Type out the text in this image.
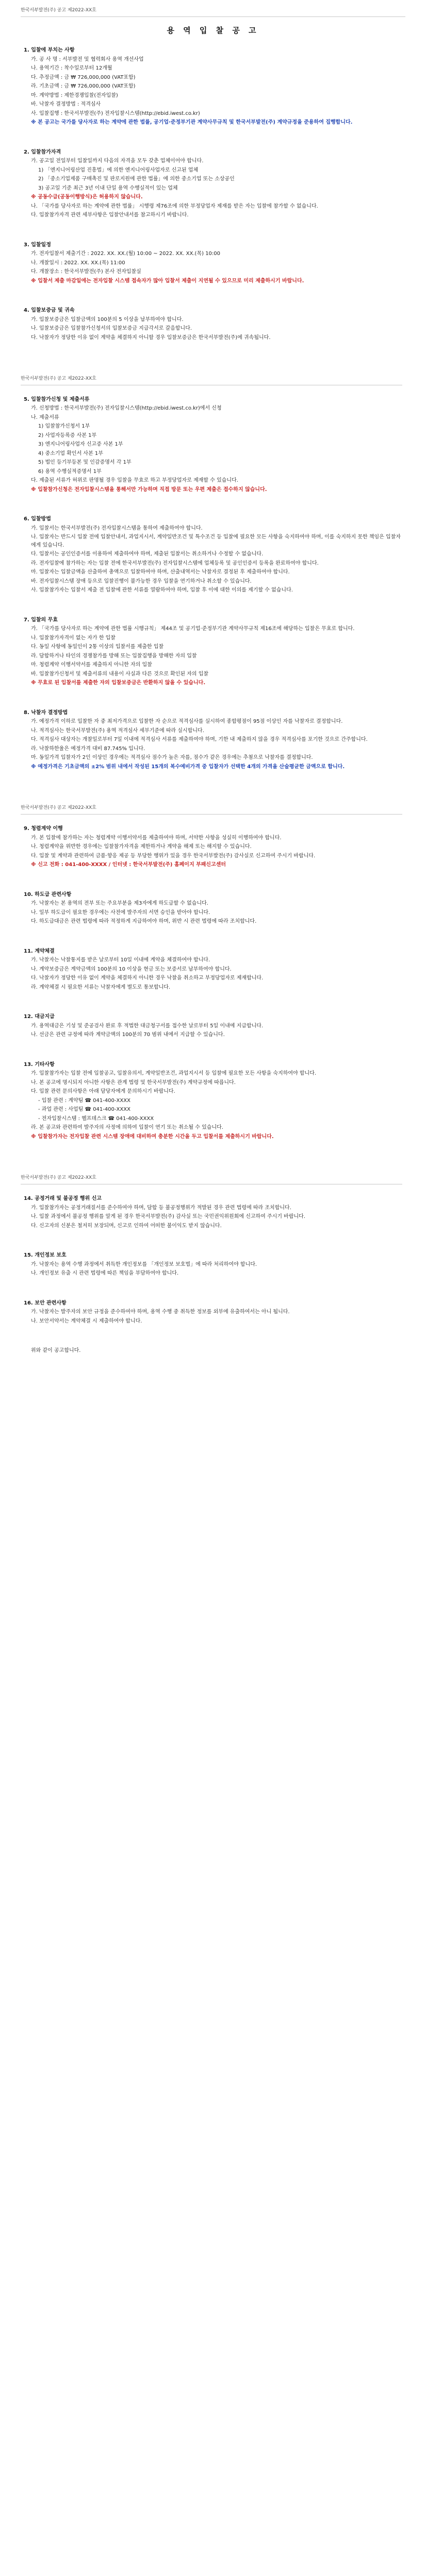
한국서부발전(주) 공고 제2022-XX호
용 역 입 찰 공 고

1. 입찰에 부치는 사항

가. 공 사 명 : 서부발전 및 협력회사 용역 개선사업

나. 용역기간 : 착수일로부터 12개월

다. 추정금액 : 금 ₩ 726,000,000 (VAT포함)

라. 기초금액 : 금 ₩ 726,000,000 (VAT포함)

마. 계약방법 : 제한경쟁입찰(전자입찰)

바. 낙찰자 결정방법 : 적격심사

사. 입찰집행 : 한국서부발전(주) 전자입찰시스템(http://ebid.iwest.co.kr)

※ 본 공고는 국가를 당사자로 하는 계약에 관한 법률, 공기업·준정부기관 계약사무규칙 및 한국서부발전(주) 계약규정을 준용하여 집행합니다.

2. 입찰참가자격

가. 공고일 전일부터 입찰일까지 다음의 자격을 모두 갖춘 업체이어야 합니다.

1) 「엔지니어링산업 진흥법」에 의한 엔지니어링사업자로 신고된 업체

2) 「중소기업제품 구매촉진 및 판로지원에 관한 법률」에 의한 중소기업 또는 소상공인

3) 공고일 기준 최근 3년 이내 단일 용역 수행실적이 있는 업체

※ 공동수급(공동이행방식)은 허용하지 않습니다.

나. 「국가를 당사자로 하는 계약에 관한 법률」 시행령 제76조에 의한 부정당업자 제재를 받은 자는 입찰에 참가할 수 없습니다.

다. 입찰참가자격 관련 세부사항은 입찰안내서를 참고하시기 바랍니다.

3. 입찰일정

가. 전자입찰서 제출기간 : 2022. XX. XX.(월) 10:00 ~ 2022. XX. XX.(목) 10:00

나. 개찰일시 : 2022. XX. XX.(목) 11:00

다. 개찰장소 : 한국서부발전(주) 본사 전자입찰실

※ 입찰서 제출 마감일에는 전자입찰 시스템 접속자가 많아 입찰서 제출이 지연될 수 있으므로 미리 제출하시기 바랍니다.

4. 입찰보증금 및 귀속

가. 입찰보증금은 입찰금액의 100분의 5 이상을 납부하여야 합니다.

나. 입찰보증금은 입찰참가신청서의 입찰보증금 지급각서로 갈음합니다.

다. 낙찰자가 정당한 이유 없이 계약을 체결하지 아니할 경우 입찰보증금은 한국서부발전(주)에 귀속됩니다.

한국서부발전(주) 공고 제2022-XX호

5. 입찰참가신청 및 제출서류

가. 신청방법 : 한국서부발전(주) 전자입찰시스템(http://ebid.iwest.co.kr)에서 신청

나. 제출서류

1) 입찰참가신청서 1부

2) 사업자등록증 사본 1부

3) 엔지니어링사업자 신고증 사본 1부

4) 중소기업 확인서 사본 1부

5) 법인 등기부등본 및 인감증명서 각 1부

6) 용역 수행실적증명서 1부

다. 제출된 서류가 허위로 판명될 경우 입찰을 무효로 하고 부정당업자로 제재할 수 있습니다.

※ 입찰참가신청은 전자입찰시스템을 통해서만 가능하며 직접 방문 또는 우편 제출은 접수하지 않습니다.

6. 입찰방법

가. 입찰서는 한국서부발전(주) 전자입찰시스템을 통하여 제출하여야 합니다.

나. 입찰자는 반드시 입찰 전에 입찰안내서, 과업지시서, 계약일반조건 및 특수조건 등 입찰에 필요한 모든 사항을 숙지하여야 하며, 이를 숙지하지 못한 책임은 입찰자에게 있습니다.

다. 입찰서는 공인인증서를 이용하여 제출하여야 하며, 제출된 입찰서는 취소하거나 수정할 수 없습니다.

라. 전자입찰에 참가하는 자는 입찰 전에 한국서부발전(주) 전자입찰시스템에 업체등록 및 공인인증서 등록을 완료하여야 합니다.

마. 입찰자는 입찰금액을 산출하여 총액으로 입찰하여야 하며, 산출내역서는 낙찰자로 결정된 후 제출하여야 합니다.

바. 전자입찰시스템 장애 등으로 입찰진행이 불가능한 경우 입찰을 연기하거나 취소할 수 있습니다.

사. 입찰참가자는 입찰서 제출 전 입찰에 관한 서류를 열람하여야 하며, 입찰 후 이에 대한 이의를 제기할 수 없습니다.

7. 입찰의 무효

가. 「국가를 당사자로 하는 계약에 관한 법률 시행규칙」 제44조 및 공기업·준정부기관 계약사무규칙 제16조에 해당하는 입찰은 무효로 합니다.

나. 입찰참가자격이 없는 자가 한 입찰

다. 동일 사항에 동일인이 2통 이상의 입찰서를 제출한 입찰

라. 담합하거나 타인의 경쟁참가를 방해 또는 입찰집행을 방해한 자의 입찰

마. 청렴계약 이행서약서를 제출하지 아니한 자의 입찰

바. 입찰참가신청서 및 제출서류의 내용이 사실과 다른 것으로 확인된 자의 입찰

※ 무효로 된 입찰서를 제출한 자의 입찰보증금은 반환하지 않을 수 있습니다.

8. 낙찰자 결정방법

가. 예정가격 이하로 입찰한 자 중 최저가격으로 입찰한 자 순으로 적격심사를 실시하여 종합평점이 95점 이상인 자를 낙찰자로 결정합니다.

나. 적격심사는 한국서부발전(주) 용역 적격심사 세부기준에 따라 실시합니다.

다. 적격심사 대상자는 개찰일로부터 7일 이내에 적격심사 서류를 제출하여야 하며, 기한 내 제출하지 않을 경우 적격심사를 포기한 것으로 간주합니다.

라. 낙찰하한율은 예정가격 대비 87.745% 입니다.

마. 동일가격 입찰자가 2인 이상인 경우에는 적격심사 점수가 높은 자를, 점수가 같은 경우에는 추첨으로 낙찰자를 결정합니다.

※ 예정가격은 기초금액의 ±2% 범위 내에서 작성된 15개의 복수예비가격 중 입찰자가 선택한 4개의 가격을 산술평균한 금액으로 합니다.

한국서부발전(주) 공고 제2022-XX호

9. 청렴계약 이행

가. 본 입찰에 참가하는 자는 청렴계약 이행서약서를 제출하여야 하며, 서약한 사항을 성실히 이행하여야 합니다.

나. 청렴계약을 위반한 경우에는 입찰참가자격을 제한하거나 계약을 해제 또는 해지할 수 있습니다.

다. 입찰 및 계약과 관련하여 금품·향응 제공 등 부당한 행위가 있을 경우 한국서부발전(주) 감사실로 신고하여 주시기 바랍니다.

※ 신고 전화 : 041-400-XXXX / 인터넷 : 한국서부발전(주) 홈페이지 부패신고센터

10. 하도급 관련사항

가. 낙찰자는 본 용역의 전부 또는 주요부분을 제3자에게 하도급할 수 없습니다.

나. 일부 하도급이 필요한 경우에는 사전에 발주자의 서면 승인을 받아야 합니다.

다. 하도급대금은 관련 법령에 따라 적정하게 지급하여야 하며, 위반 시 관련 법령에 따라 조치합니다.

11. 계약체결

가. 낙찰자는 낙찰통지를 받은 날로부터 10일 이내에 계약을 체결하여야 합니다.

나. 계약보증금은 계약금액의 100분의 10 이상을 현금 또는 보증서로 납부하여야 합니다.

다. 낙찰자가 정당한 이유 없이 계약을 체결하지 아니한 경우 낙찰을 취소하고 부정당업자로 제재합니다.

라. 계약체결 시 필요한 서류는 낙찰자에게 별도로 통보합니다.

12. 대금지급

가. 용역대금은 기성 및 준공검사 완료 후 적법한 대금청구서를 접수한 날로부터 5일 이내에 지급합니다.

나. 선금은 관련 규정에 따라 계약금액의 100분의 70 범위 내에서 지급할 수 있습니다.

13. 기타사항

가. 입찰참가자는 입찰 전에 입찰공고, 입찰유의서, 계약일반조건, 과업지시서 등 입찰에 필요한 모든 사항을 숙지하여야 합니다.

나. 본 공고에 명시되지 아니한 사항은 관계 법령 및 한국서부발전(주) 계약규정에 따릅니다.

다. 입찰 관련 문의사항은 아래 담당자에게 문의하시기 바랍니다.

- 입찰 관련 : 계약팀 ☎ 041-400-XXXX

- 과업 관련 : 사업팀 ☎ 041-400-XXXX

- 전자입찰시스템 : 헬프데스크 ☎ 041-400-XXXX

라. 본 공고와 관련하여 발주자의 사정에 의하여 입찰이 연기 또는 취소될 수 있습니다.

※ 입찰참가자는 전자입찰 관련 시스템 장애에 대비하여 충분한 시간을 두고 입찰서를 제출하시기 바랍니다.

한국서부발전(주) 공고 제2022-XX호

14. 공정거래 및 불공정 행위 신고

가. 입찰참가자는 공정거래질서를 준수하여야 하며, 담합 등 불공정행위가 적발된 경우 관련 법령에 따라 조치합니다.

나. 입찰 과정에서 불공정 행위를 알게 된 경우 한국서부발전(주) 감사실 또는 국민권익위원회에 신고하여 주시기 바랍니다.

다. 신고자의 신분은 철저히 보장되며, 신고로 인하여 어떠한 불이익도 받지 않습니다.

15. 개인정보 보호

가. 낙찰자는 용역 수행 과정에서 취득한 개인정보를 「개인정보 보호법」에 따라 처리하여야 합니다.

나. 개인정보 유출 시 관련 법령에 따른 책임을 부담하여야 합니다.

16. 보안 관련사항

가. 낙찰자는 발주자의 보안 규정을 준수하여야 하며, 용역 수행 중 취득한 정보를 외부에 유출하여서는 아니 됩니다.

나. 보안서약서는 계약체결 시 제출하여야 합니다.

위와 같이 공고합니다.
